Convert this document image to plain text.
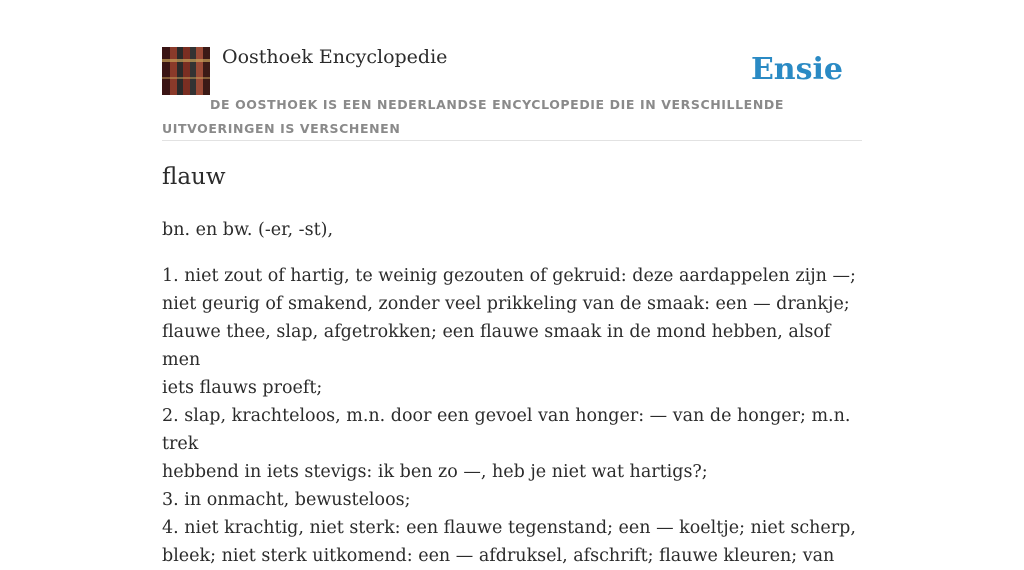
Oosthoek Encyclopedie	Ensie
DE OOSTHOEK IS EEN NEDERLANDSE ENCYCLOPEDIE DIE IN VERSCHILLENDE UITVOERINGEN IS VERSCHENEN
flauw

bn. en bw. (-er, -st),

1. niet zout of hartig, te weinig gezouten of gekruid: deze aardappelen zijn —;
niet geurig of smakend, zonder veel prikkeling van de smaak: een — drankje;
flauwe thee, slap, afgetrokken; een flauwe smaak in de mond hebben, alsof men
iets flauws proeft;
2. slap, krachteloos, m.n. door een gevoel van honger: — van de honger; m.n. trek
hebbend in iets stevigs: ik ben zo —, heb je niet wat hartigs?;
3. in onmacht, bewusteloos;
4. niet krachtig, niet sterk: een flauwe tegenstand; een — koeltje; niet scherp,
bleek; niet sterk uitkomend: een — afdruksel, afschrift; flauwe kleuren; van
